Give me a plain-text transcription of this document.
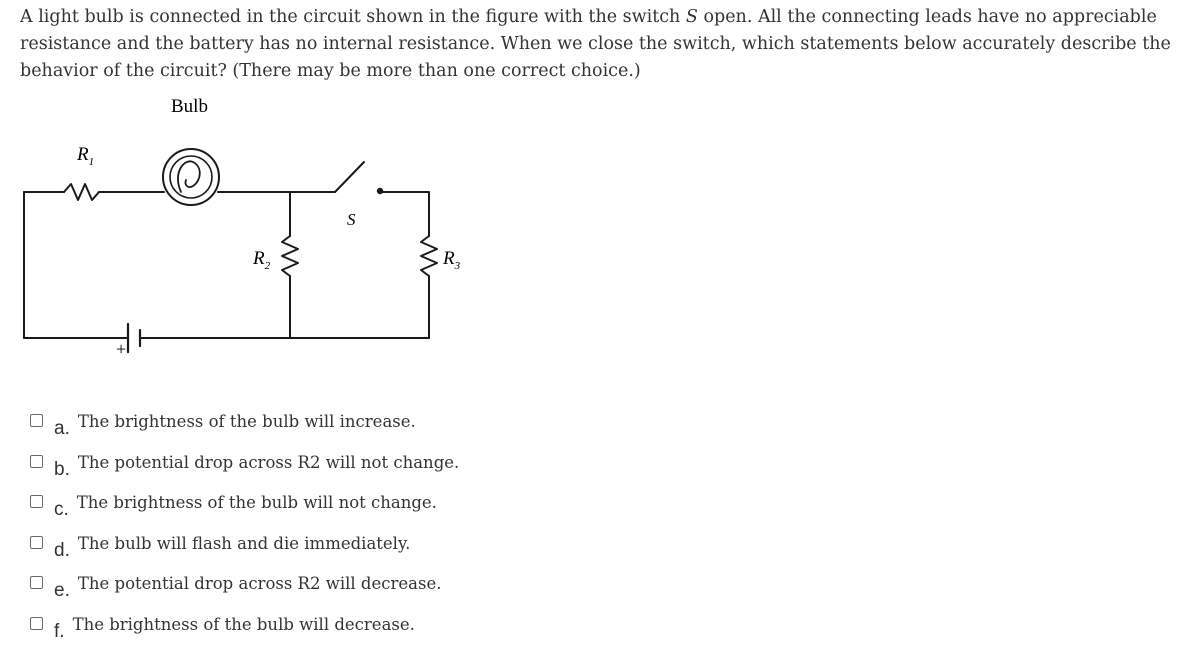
A light bulb is connected in the circuit shown in the figure with the switch S open. All the connecting leads have no appreciable resistance and the battery has no internal resistance. When we close the switch, which statements below accurately describe the behavior of the circuit? (There may be more than one correct choice.)
Bulb
$R_1$
$R_2$	$R_3$
S
+
a. The brightness of the bulb will increase.
b. The potential drop across R2 will not change.
c. The brightness of the bulb will not change.
d. The bulb will flash and die immediately.
e. The potential drop across R2 will decrease.
f. The brightness of the bulb will decrease.
